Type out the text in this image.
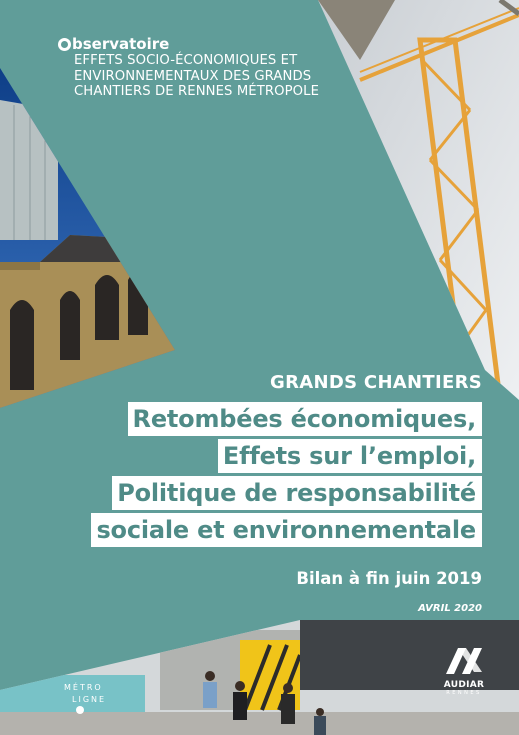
MÉTRO
LIGNE
bservatoire
EFFETS SOCIO-ÉCONOMIQUES ET
ENVIRONNEMENTAUX DES GRANDS
CHANTIERS DE RENNES MÉTROPOLE
GRANDS CHANTIERS
Retombées économiques,
Effets sur l’emploi,
Politique de responsabilité
sociale et environnementale
Bilan à fin juin 2019
AVRIL 2020
AUDIAR
RENNES
